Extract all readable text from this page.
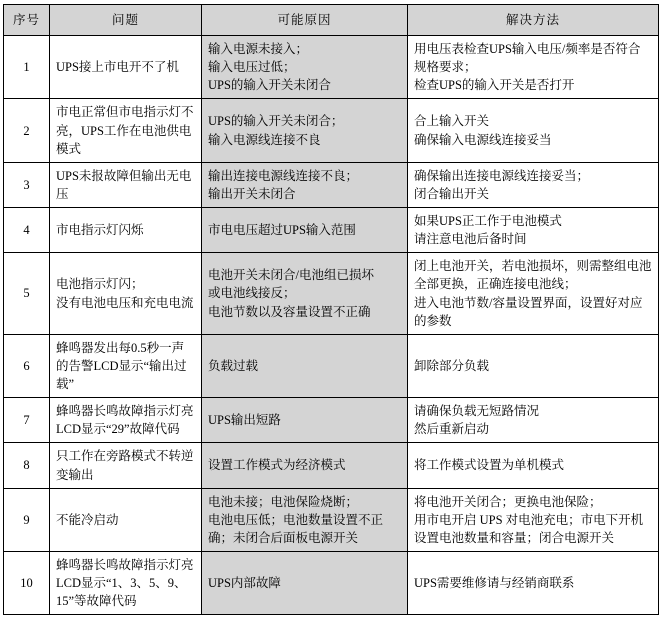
序号	问题	可能原因	解决方法

1	UPS接上市电开不了机	输入电源未接入；
输入电压过低；
UPS的输入开关未闭合	用电压表检查UPS输入电压/频率是否符合规格要求；
检查UPS的输入开关是否打开

2	市电正常但市电指示灯不亮，UPS工作在电池供电模式	UPS的输入开关未闭合；
输入电源线连接不良	合上输入开关
确保输入电源线连接妥当

3	UPS未报故障但输出无电压	输出连接电源线连接不良；
输出开关未闭合	确保输出连接电源线连接妥当；
闭合输出开关

4	市电指示灯闪烁	市电电压超过UPS输入范围	如果UPS正工作于电池模式
请注意电池后备时间

5	电池指示灯闪；
没有电池电压和充电电流	电池开关未闭合/电池组已损坏
或电池线接反；
电池节数以及容量设置不正确	闭上电池开关，若电池损坏，则需整组电池全部更换，正确连接电池线；
进入电池节数/容量设置界面，设置好对应的参数

6	蜂鸣器发出每0.5秒一声的告警LCD显示“输出过载”	负载过载	卸除部分负载

7	蜂鸣器长鸣故障指示灯亮LCD显示“29”故障代码	UPS输出短路	请确保负载无短路情况
然后重新启动

8	只工作在旁路模式不转逆变输出	设置工作模式为经济模式	将工作模式设置为单机模式

9	不能冷启动	电池未接；电池保险烧断；
电池电压低；电池数量设置不正确；未闭合后面板电源开关	将电池开关闭合；更换电池保险；
用市电开启 UPS 对电池充电；市电下开机设置电池数量和容量；闭合电源开关

10	蜂鸣器长鸣故障指示灯亮LCD显示“1、3、5、9、15”等故障代码	UPS内部故障	UPS需要维修请与经销商联系
